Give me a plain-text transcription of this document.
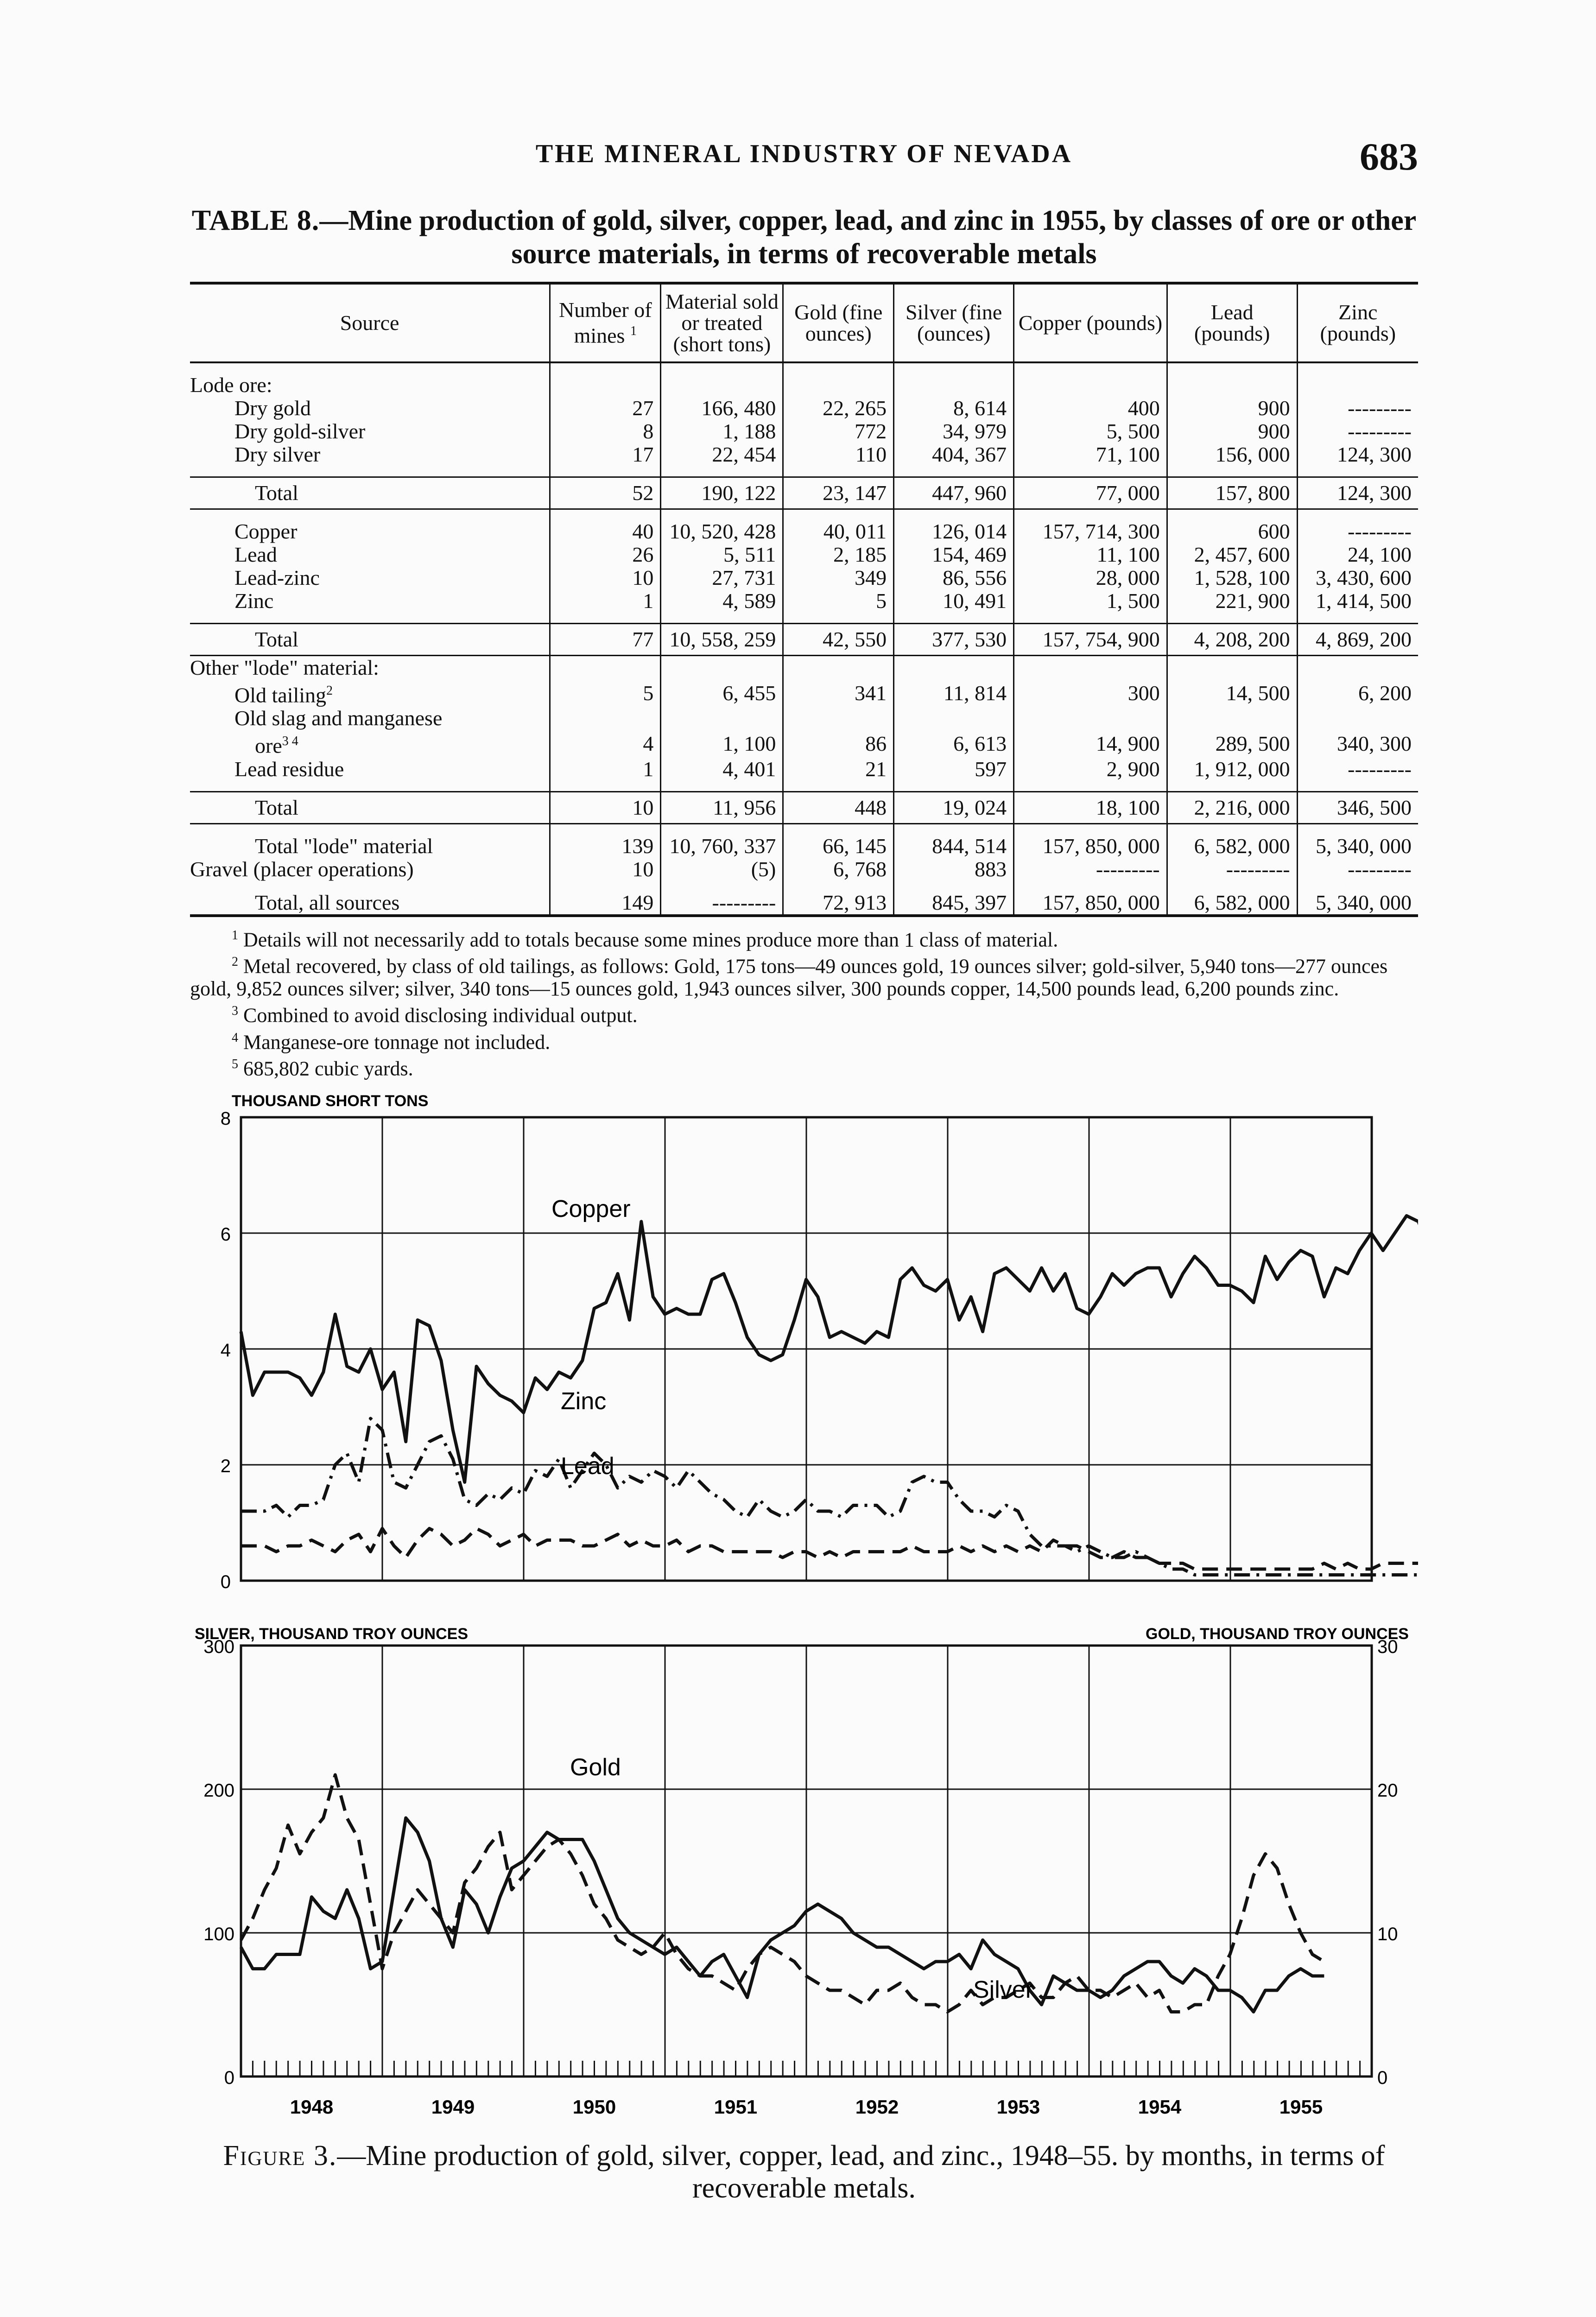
THE MINERAL INDUSTRY OF NEVADA	683
TABLE 8.—Mine production of gold, silver, copper, lead, and zinc in 1955, by classes of ore or other source materials, in terms of recoverable metals
Source	Number of mines $^1$	Material sold or treated (short tons)	Gold (fine ounces)	Silver (fine (ounces)	Copper (pounds)	Lead (pounds)	Zinc (pounds)

Lode ore:							
Dry gold	27	166, 480	22, 265	8, 614	400	900	---------
Dry gold-silver	8	1, 188	772	34, 979	5, 500	900	---------
Dry silver	17	22, 454	110	404, 367	71, 100	156, 000	124, 300

Total	52	190, 122	23, 147	447, 960	77, 000	157, 800	124, 300

Copper	40	10, 520, 428	40, 011	126, 014	157, 714, 300	600	---------
Lead	26	5, 511	2, 185	154, 469	11, 100	2, 457, 600	24, 100
Lead-zinc	10	27, 731	349	86, 556	28, 000	1, 528, 100	3, 430, 600
Zinc	1	4, 589	5	10, 491	1, 500	221, 900	1, 414, 500

Total	77	10, 558, 259	42, 550	377, 530	157, 754, 900	4, 208, 200	4, 869, 200
Other "lode" material:							
Old tailing$^2$	5	6, 455	341	11, 814	300	14, 500	6, 200
Old slag and manganese							
ore$^{3 4}$	4	1, 100	86	6, 613	14, 900	289, 500	340, 300
Lead residue	1	4, 401	21	597	2, 900	1, 912, 000	---------

Total	10	11, 956	448	19, 024	18, 100	2, 216, 000	346, 500

Total "lode" material	139	10, 760, 337	66, 145	844, 514	157, 850, 000	6, 582, 000	5, 340, 000
Gravel (placer operations)	10	(5)	6, 768	883	---------	---------	---------

Total, all sources	149	---------	72, 913	845, 397	157, 850, 000	6, 582, 000	5, 340, 000

$^1$ Details will not necessarily add to totals because some mines produce more than 1 class of material.

$^2$ Metal recovered, by class of old tailings, as follows: Gold, 175 tons—49 ounces gold, 19 ounces silver; gold-silver, 5,940 tons—277 ounces gold, 9,852 ounces silver; silver, 340 tons—15 ounces gold, 1,943 ounces silver, 300 pounds copper, 14,500 pounds lead, 6,200 pounds zinc.

$^3$ Combined to avoid disclosing individual output.

$^4$ Manganese-ore tonnage not included.

$^5$ 685,802 cubic yards.

THOUSAND SHORT TONS
0
2
4
6
8
Copper
Zinc
Lead
SILVER, THOUSAND TROY OUNCES	GOLD, THOUSAND TROY OUNCES
0
100
200
300
0
10
20
30
1948	1949	1950	1951	1952	1953	1954	1955
Gold
Silver
Figure 3.—Mine production of gold, silver, copper, lead, and zinc., 1948–55. by months, in terms of recoverable metals.
